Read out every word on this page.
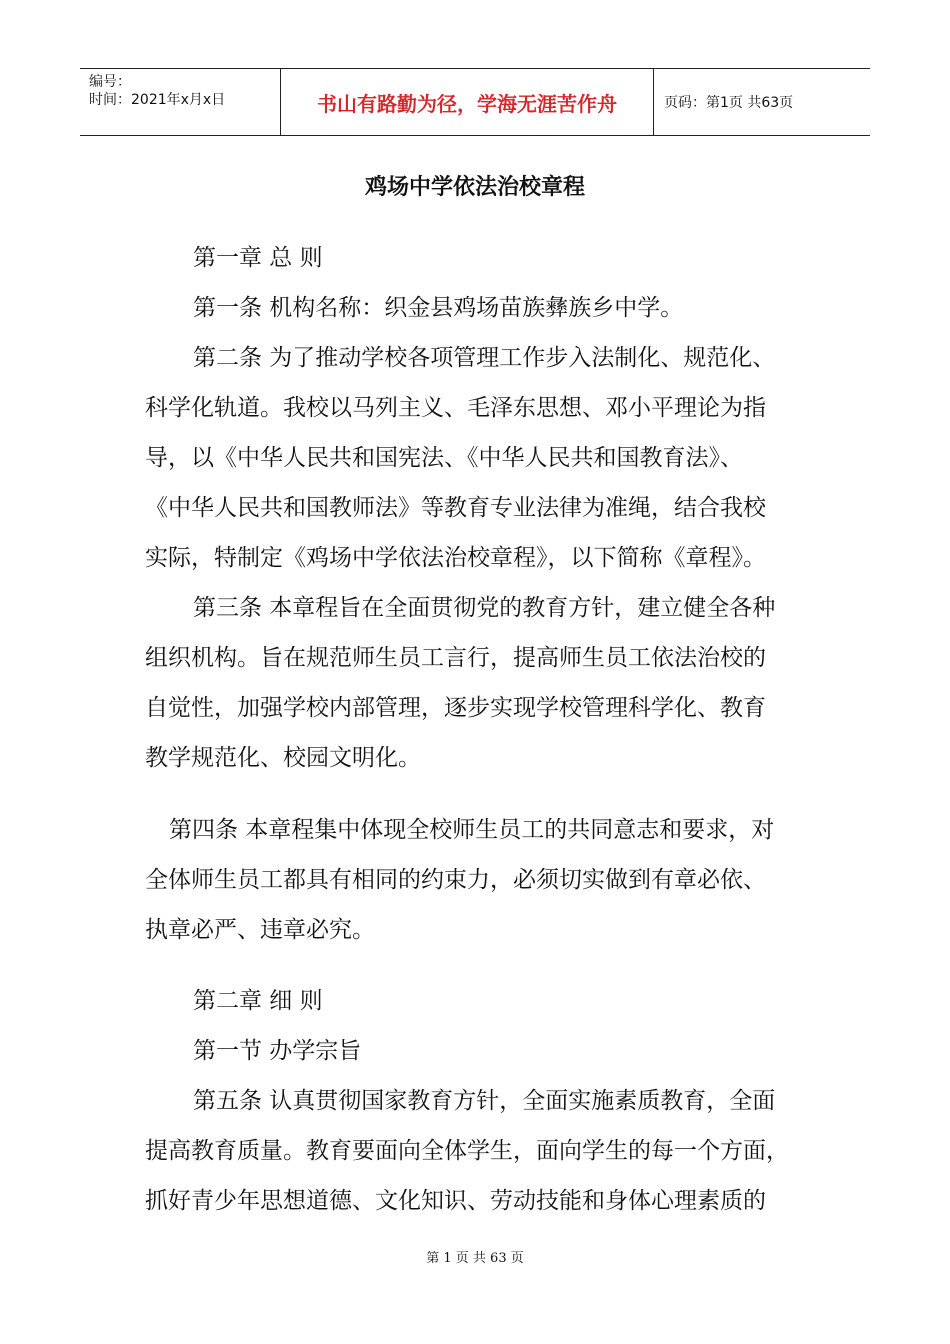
编号：
时间：2021年x月x日	书山有路勤为径，学海无涯苦作舟	页码：第1页 共63页
鸡场中学依法治校章程
第一章 总 则
第一条 机构名称：织金县鸡场苗族彝族乡中学。
第二条 为了推动学校各项管理工作步入法制化、规范化、
科学化轨道。我校以马列主义、毛泽东思想、邓小平理论为指
导，以《中华人民共和国宪法、《中华人民共和国教育法》、
《中华人民共和国教师法》等教育专业法律为准绳，结合我校
实际，特制定《鸡场中学依法治校章程》，以下简称《章程》。
第三条 本章程旨在全面贯彻党的教育方针，建立健全各种
组织机构。旨在规范师生员工言行，提高师生员工依法治校的
自觉性，加强学校内部管理，逐步实现学校管理科学化、教育
教学规范化、校园文明化。
第四条 本章程集中体现全校师生员工的共同意志和要求，对
全体师生员工都具有相同的约束力，必须切实做到有章必依、
执章必严、违章必究。
第二章 细 则
第一节 办学宗旨
第五条 认真贯彻国家教育方针，全面实施素质教育，全面
提高教育质量。教育要面向全体学生，面向学生的每一个方面，
抓好青少年思想道德、文化知识、劳动技能和身体心理素质的
第 1 页 共 63 页
